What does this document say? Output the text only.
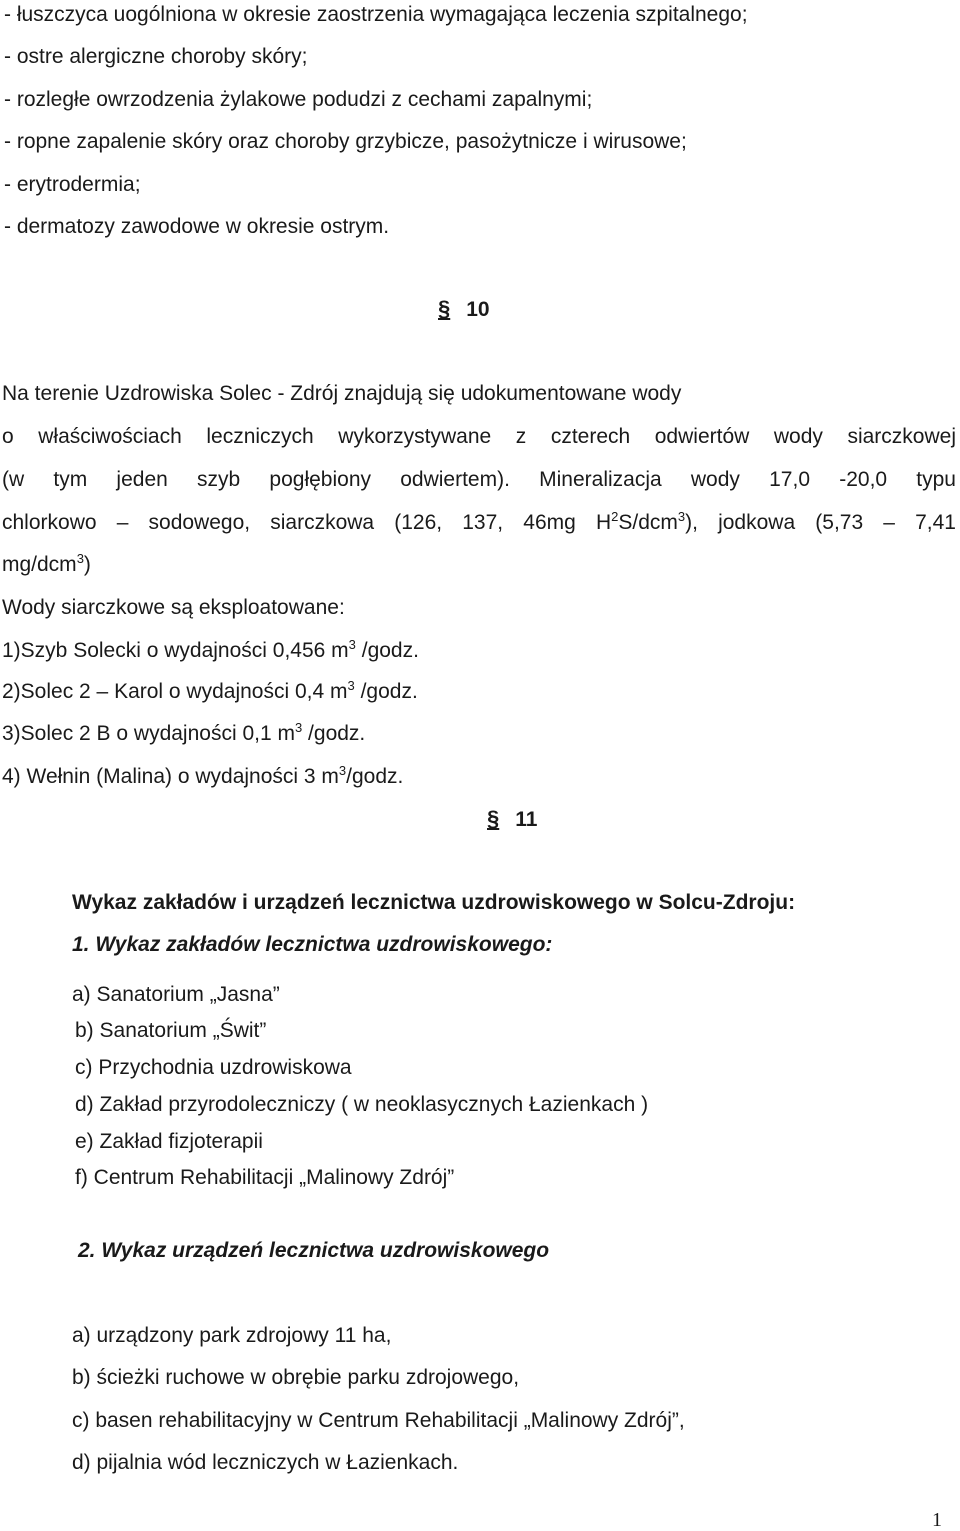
- łuszczyca uogólniona w okresie zaostrzenia wymagająca leczenia szpitalnego;
- ostre alergiczne choroby skóry;
- rozległe owrzodzenia żylakowe podudzi z cechami zapalnymi;
- ropne zapalenie skóry oraz choroby grzybicze, pasożytnicze i wirusowe;
- erytrodermia;
- dermatozy zawodowe w okresie ostrym.
§ 10
Na terenie Uzdrowiska Solec - Zdrój znajdują się udokumentowane wody
o właściwościach leczniczych wykorzystywane z czterech odwiertów wody siarczkowej
(w tym jeden szyb pogłębiony odwiertem). Mineralizacja wody 17,0 -20,0 typu
chlorkowo – sodowego, siarczkowa (126, 137, 46mg $H^2S/dcm^3$), jodkowa (5,73 – 7,41
mg/dcm$^3$)
Wody siarczkowe są eksploatowane:
1)Szyb Solecki o wydajności 0,456 $m^3$ /godz.
2)Solec 2 – Karol o wydajności 0,4 $m^3$ /godz.
3)Solec 2 B o wydajności 0,1 $m^3$ /godz.
4) Wełnin (Malina) o wydajności 3 $m^3$/godz.
§ 11
Wykaz zakładów i urządzeń lecznictwa uzdrowiskowego w Solcu-Zdroju:
1. Wykaz zakładów lecznictwa uzdrowiskowego:
a) Sanatorium „Jasna”
b) Sanatorium „Świt”
c) Przychodnia uzdrowiskowa
d) Zakład przyrodoleczniczy ( w neoklasycznych Łazienkach )
e) Zakład fizjoterapii
f) Centrum Rehabilitacji „Malinowy Zdrój”
2. Wykaz urządzeń lecznictwa uzdrowiskowego
a) urządzony park zdrojowy 11 ha,
b) ścieżki ruchowe w obrębie parku zdrojowego,
c) basen rehabilitacyjny w Centrum Rehabilitacji „Malinowy Zdrój”,
d) pijalnia wód leczniczych w Łazienkach.
1
